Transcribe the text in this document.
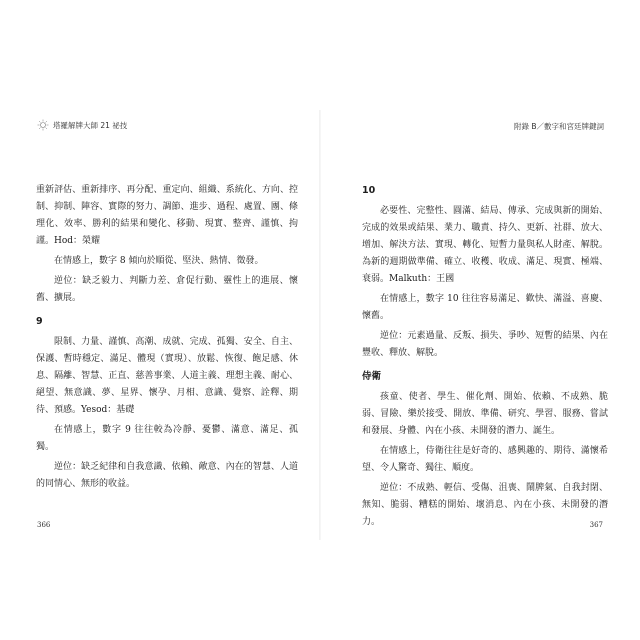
塔羅解牌大師 21 祕技	附錄 B／數字和宮廷牌鍵詞

重新評估、重新排序、再分配、重定向、組織、系統化、方向、控制、抑制、陣容、實際的努力、調節、進步、過程、處置、團、條理化、效率、勝利的結果和變化、移動、現實、整齊、謹慎、拘謹。Hod：榮耀

在情感上，數字 8 傾向於順從、堅決、熱情、徵發。

逆位：缺乏毅力、判斷力差、倉促行動、靈性上的進展、懷舊、擴展。

9

限制、力量、謹慎、高潮、成就、完成、孤獨、安全、自主、保護、暫時穩定、滿足、體現（實現）、放鬆、恢復、飽足感、休息、隔離、智慧、正直、慈善事業、人道主義、理想主義、耐心、絕望、無意識、夢、星界、懷孕、月相、意識、覺察、詮釋、期待、預感。Yesod：基礎

在情感上，數字 9 往往較為冷靜、憂鬱、滿意、滿足、孤獨。

逆位：缺乏紀律和自我意識、依賴、敵意、內在的智慧、人道的同情心、無形的收益。

10

必要性、完整性、圓滿、結局、傳承、完成與新的開始、完成的效果或結果、業力、職責、持久、更新、社群、放大、增加、解決方法、實現、轉化、短暫力量與私人財產、解脫。為新的週期做準備、確立、收穫、收成、滿足、現實、極端、衰弱。Malkuth：王國

在情感上，數字 10 往往容易滿足、歡快、滿溢、喜慶、懷舊。

逆位：元素過量、反叛、損失、爭吵、短暫的結果、內在豐收、釋放、解脫。

侍衛

孩童、使者、學生、催化劑、開始、依賴、不成熟、脆弱、冒險、樂於接受、開放、準備、研究、學習、服務、嘗試和發展、身體、內在小孩、未開發的潛力、誕生。

在情感上，侍衛往往是好奇的、感興趣的、期待、滿懷希望、令人驚奇、獨往、順度。

逆位：不成熟、輕信、受傷、沮喪、鬧脾氣、自我封閉、無知、脆弱、糟糕的開始、壞消息、內在小孩、未開發的潛力。

366	367
